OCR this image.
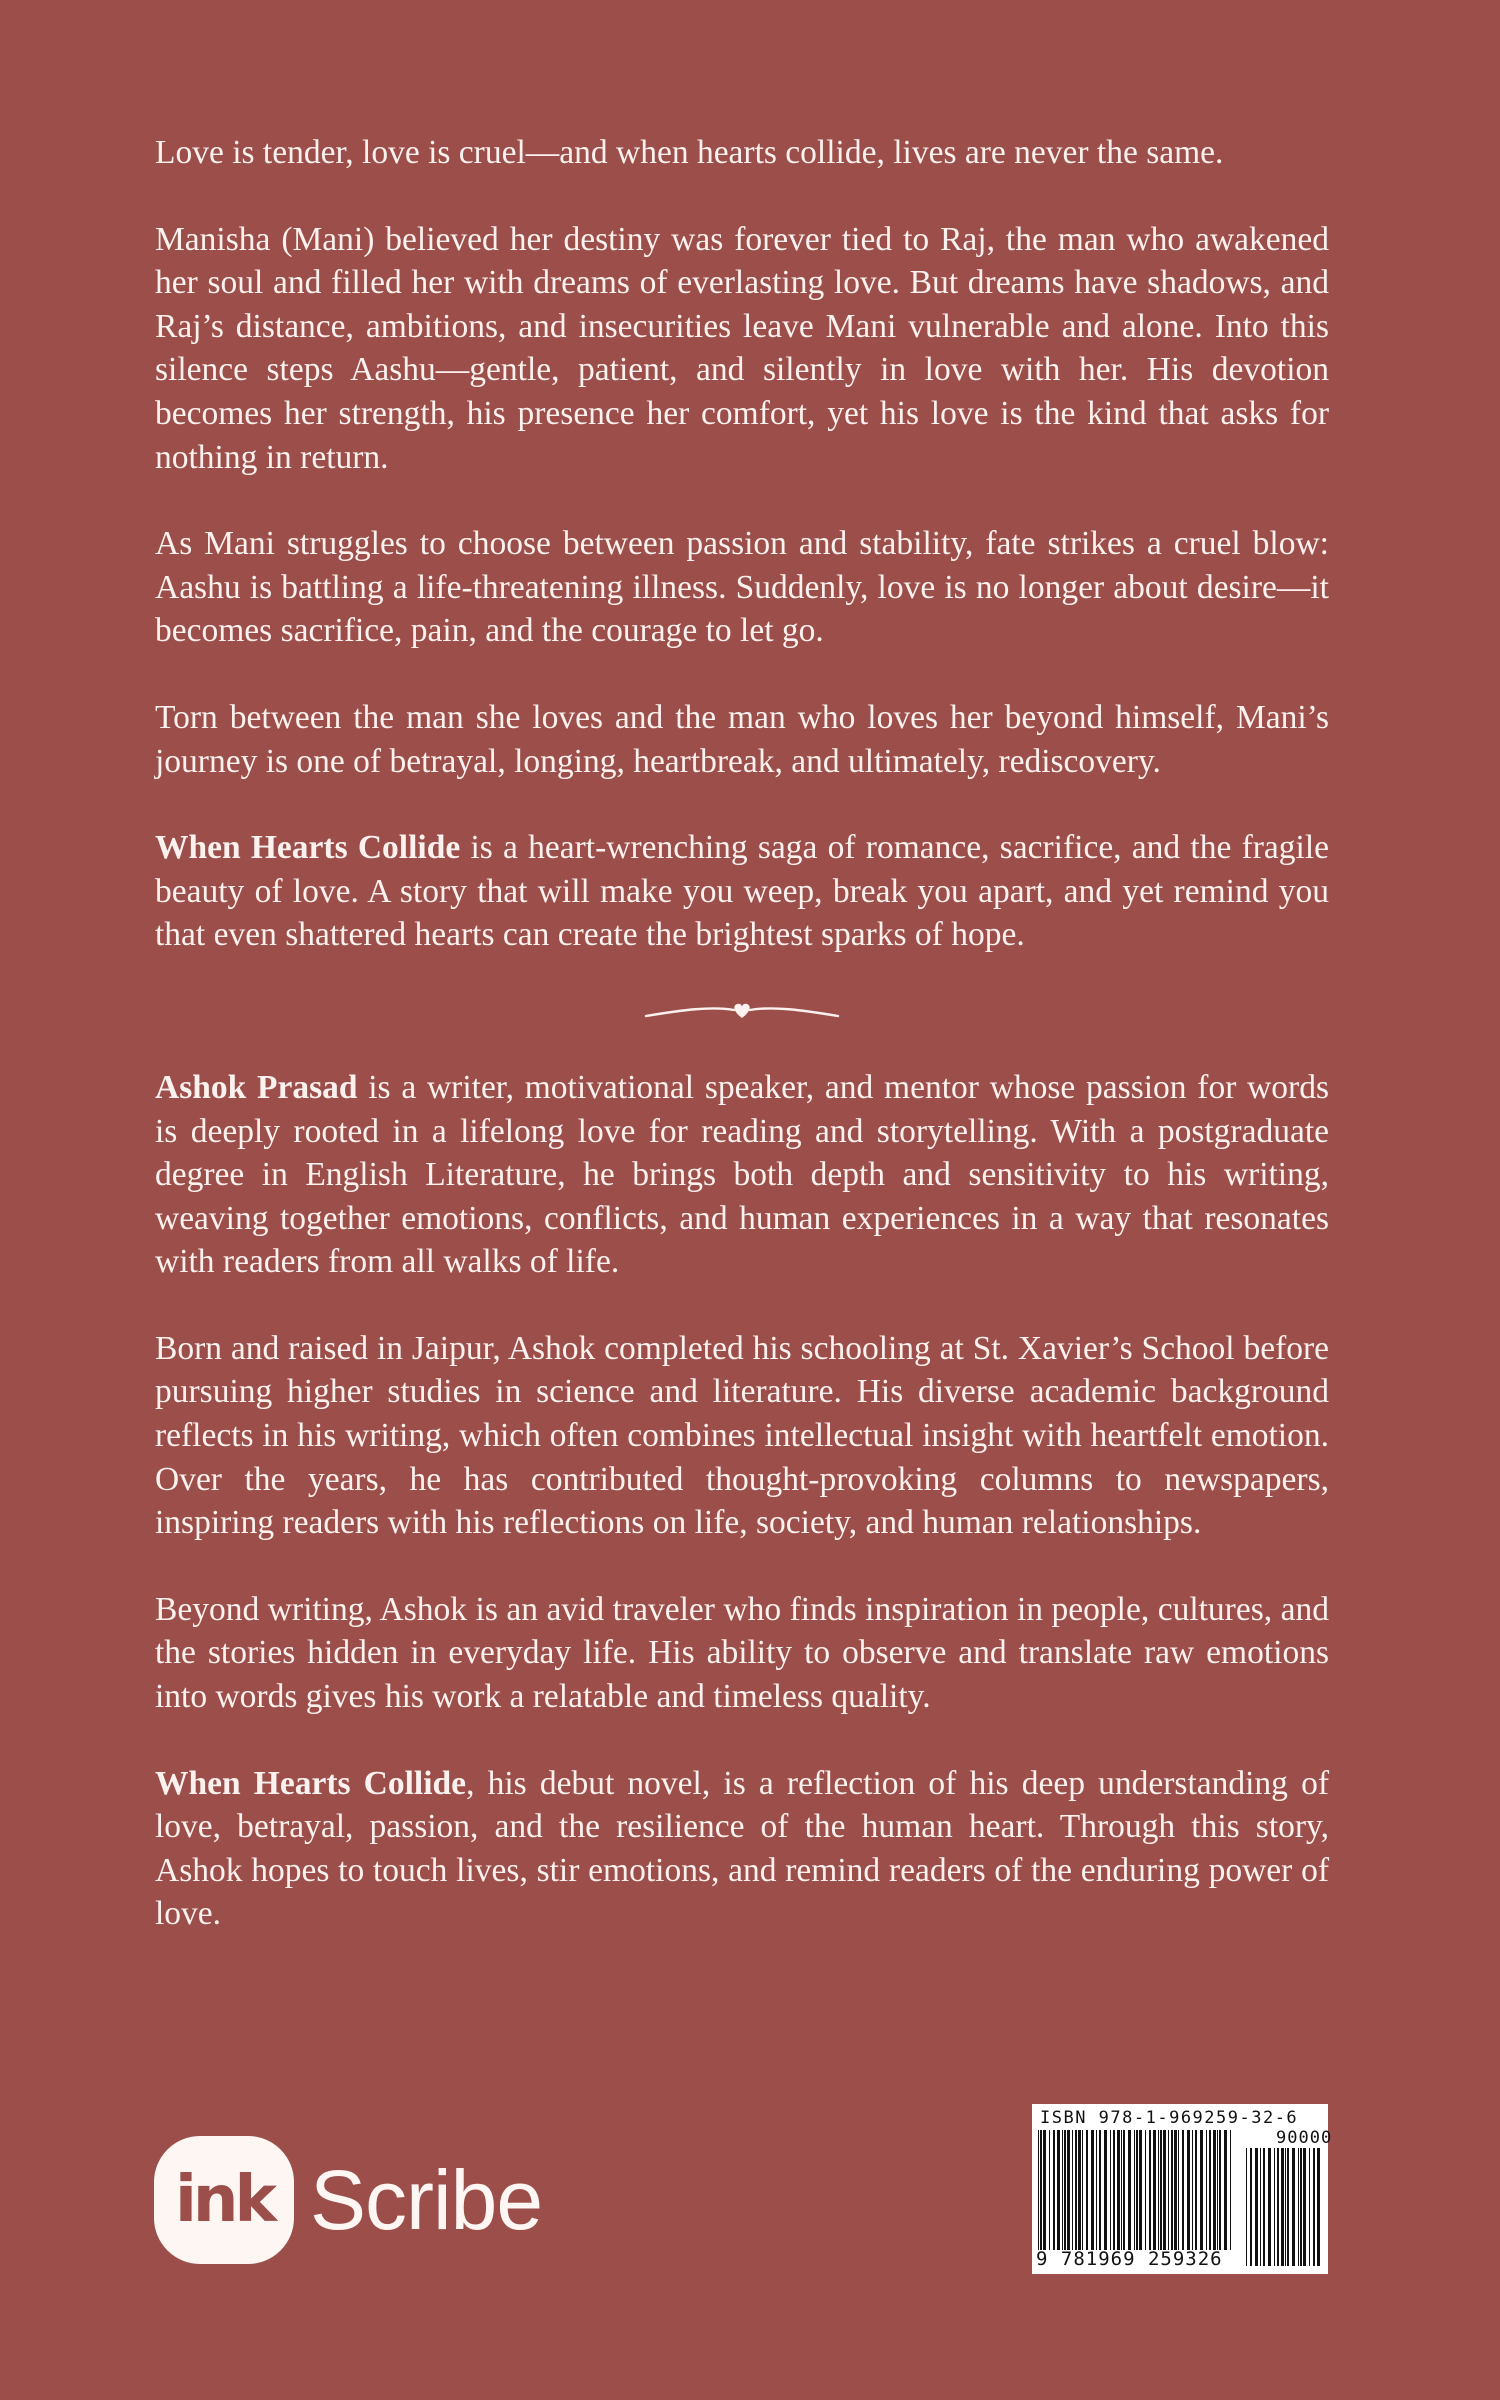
Love is tender, love is cruel—and when hearts collide, lives are never the same.

Manisha (Mani) believed her destiny was forever tied to Raj, the man who awakened her soul and filled her with dreams of everlasting love. But dreams have shadows, and Raj’s distance, ambitions, and insecurities leave Mani vulnerable and alone. Into this silence steps Aashu—gentle, patient, and silently in love with her. His devotion becomes her strength, his presence her comfort, yet his love is the kind that asks for nothing in return.

As Mani struggles to choose between passion and stability, fate strikes a cruel blow: Aashu is battling a life-threatening illness. Suddenly, love is no longer about desire—it becomes sacrifice, pain, and the courage to let go.

Torn between the man she loves and the man who loves her beyond himself, Mani’s journey is one of betrayal, longing, heartbreak, and ultimately, rediscovery.

When Hearts Collide is a heart-wrenching saga of romance, sacrifice, and the fragile beauty of love. A story that will make you weep, break you apart, and yet remind you that even shattered hearts can create the brightest sparks of hope.

Ashok Prasad is a writer, motivational speaker, and mentor whose passion for words is deeply rooted in a lifelong love for reading and storytelling. With a postgraduate degree in English Literature, he brings both depth and sensitivity to his writing, weaving together emotions, conflicts, and human experiences in a way that resonates with readers from all walks of life.

Born and raised in Jaipur, Ashok completed his schooling at St. Xavier’s School before pursuing higher studies in science and literature. His diverse academic background reflects in his writing, which often combines intellectual insight with heartfelt emotion. Over the years, he has contributed thought-provoking columns to newspapers, inspiring readers with his reflections on life, society, and human relationships.

Beyond writing, Ashok is an avid traveler who finds inspiration in people, cultures, and the stories hidden in everyday life. His ability to observe and translate raw emotions into words gives his work a relatable and timeless quality.

When Hearts Collide, his debut novel, is a reflection of his deep understanding of love, betrayal, passion, and the resilience of the human heart. Through this story, Ashok hopes to touch lives, stir emotions, and remind readers of the enduring power of love.

ink Scribe
ISBN 978-1-969259-32-6
90000
9 781969 259326
